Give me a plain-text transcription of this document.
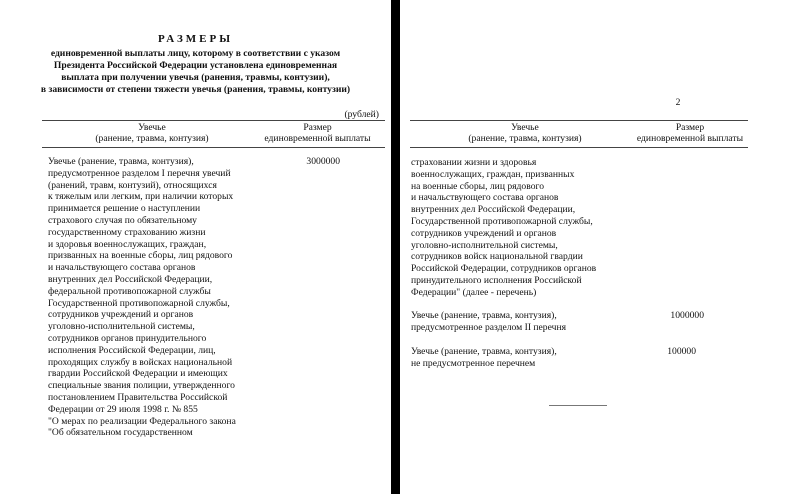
РАЗМЕРЫ
единовременной выплаты лицу, которому в соответствии с указом
Президента Российской Федерации установлена единовременная
выплата при получении увечья (ранения, травмы, контузии),
в зависимости от степени тяжести увечья (ранения, травмы, контузии)
(рублей)
Увечье
(ранение, травма, контузия)
Размер
единовременной выплаты
Увечье (ранение, травма, контузия),
предусмотренное разделом I перечня увечий
(ранений, травм, контузий), относящихся
к тяжелым или легким, при наличии которых
принимается решение о наступлении
страхового случая по обязательному
государственному страхованию жизни
и здоровья военнослужащих, граждан,
призванных на военные сборы, лиц рядового
и начальствующего состава органов
внутренних дел Российской Федерации,
федеральной противопожарной службы
Государственной противопожарной службы,
сотрудников учреждений и органов
уголовно-исполнительной системы,
сотрудников органов принудительного
исполнения Российской Федерации, лиц,
проходящих службу в войсках национальной
гвардии Российской Федерации и имеющих
специальные звания полиции, утвержденного
постановлением Правительства Российской
Федерации от 29 июля 1998 г. № 855
"О мерах по реализации Федерального закона
"Об обязательном государственном
3000000
2
Увечье
(ранение, травма, контузия)
Размер
единовременной выплаты
страховании жизни и здоровья
военнослужащих, граждан, призванных
на военные сборы, лиц рядового
и начальствующего состава органов
внутренних дел Российской Федерации,
Государственной противопожарной службы,
сотрудников учреждений и органов
уголовно-исполнительной системы,
сотрудников войск национальной гвардии
Российской Федерации, сотрудников органов
принудительного исполнения Российской
Федерации" (далее - перечень)
Увечье (ранение, травма, контузия),
предусмотренное разделом II перечня
1000000
Увечье (ранение, травма, контузия),
не предусмотренное перечнем
100000
